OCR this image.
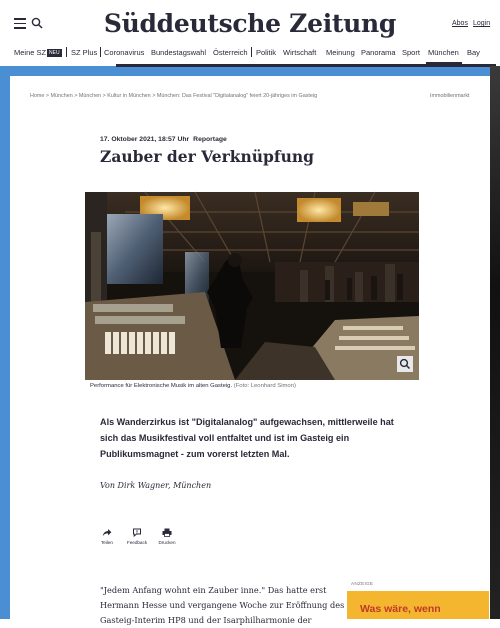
Süddeutsche Zeitung	Abos Login
Meine SZ NEU SZ Plus Coronavirus Bundestagswahl Österreich Politik Wirtschaft Meinung Panorama Sport München Bay
Home > München > München > Kultur in München > München: Das Festival "Digitalanalog" feiert 20-jähriges im Gasteig	Immobilienmarkt
17. Oktober 2021, 18:57 Uhr Reportage
Zauber der Verknüpfung
Performance für Elektronische Musik im alten Gasteig. (Foto: Leonhard Simon)

Als Wanderzirkus ist "Digitalanalog" aufgewachsen, mittlerweile hat sich das Musikfestival voll entfaltet und ist im Gasteig ein Publikumsmagnet - zum vorerst letzten Mal.

Von Dirk Wagner, München

Teilen	Feedback	Drucken

"Jedem Anfang wohnt ein Zauber inne." Das hatte erst Hermann Hesse und vergangene Woche zur Eröffnung des Gasteig-Interim HP8 und der Isarphilharmonie der

ANZEIGE
Was wäre, wenn
